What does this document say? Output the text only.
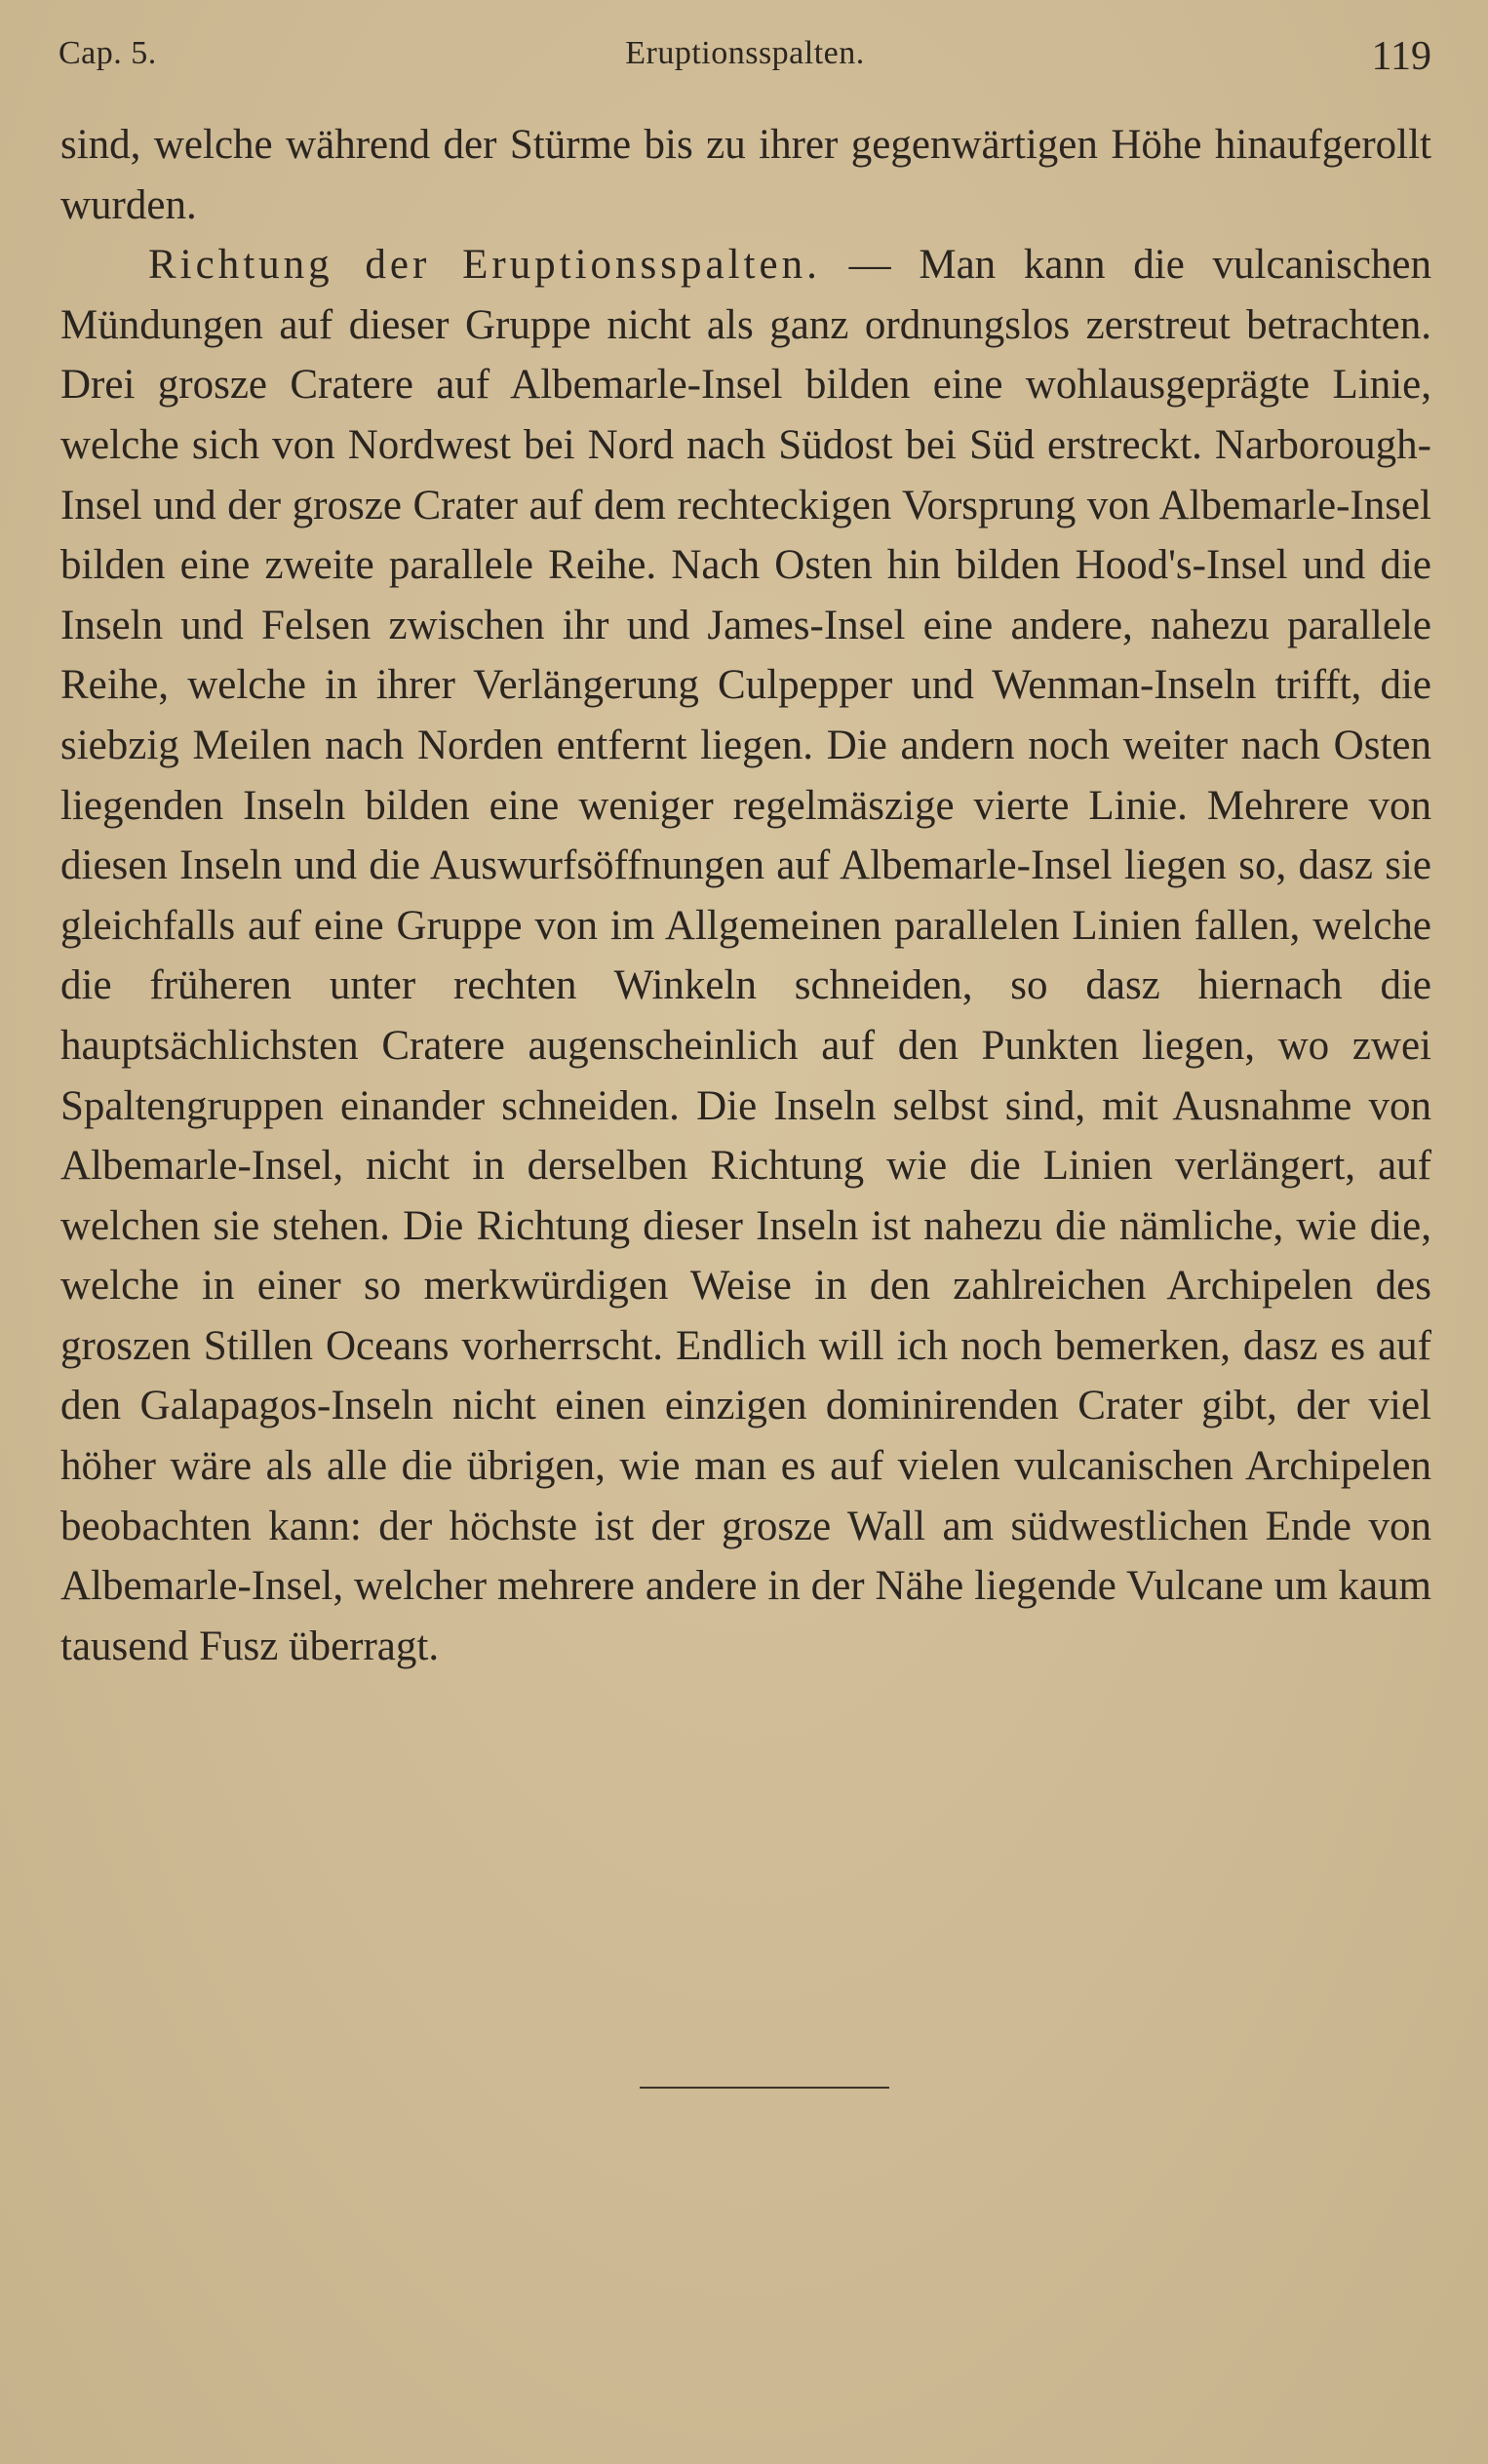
Cap. 5.	Eruptionsspalten.	119

sind, welche während der Stürme bis zu ihrer gegenwärtigen Höhe hinaufgerollt wurden.

Richtung der Eruptionsspalten. — Man kann die vulcanischen Mündungen auf dieser Gruppe nicht als ganz ordnungslos zerstreut betrachten. Drei grosze Cratere auf Albemarle-Insel bilden eine wohlausgeprägte Linie, welche sich von Nordwest bei Nord nach Südost bei Süd erstreckt. Narborough-Insel und der grosze Crater auf dem rechteckigen Vorsprung von Albemarle-Insel bilden eine zweite parallele Reihe. Nach Osten hin bilden Hood's-Insel und die Inseln und Felsen zwischen ihr und James-Insel eine andere, nahezu parallele Reihe, welche in ihrer Verlängerung Culpepper und Wenman-Inseln trifft, die siebzig Meilen nach Norden entfernt liegen. Die andern noch weiter nach Osten liegenden Inseln bilden eine weniger regelmäszige vierte Linie. Mehrere von diesen Inseln und die Auswurfsöffnungen auf Albemarle-Insel liegen so, dasz sie gleichfalls auf eine Gruppe von im Allgemeinen parallelen Linien fallen, welche die früheren unter rechten Winkeln schneiden, so dasz hiernach die hauptsächlichsten Cratere augenscheinlich auf den Punkten liegen, wo zwei Spaltengruppen einander schneiden. Die Inseln selbst sind, mit Ausnahme von Albemarle-Insel, nicht in derselben Richtung wie die Linien verlängert, auf welchen sie stehen. Die Richtung dieser Inseln ist nahezu die nämliche, wie die, welche in einer so merkwürdigen Weise in den zahlreichen Archipelen des groszen Stillen Oceans vorherrscht. Endlich will ich noch bemerken, dasz es auf den Galapagos-Inseln nicht einen einzigen dominirenden Crater gibt, der viel höher wäre als alle die übrigen, wie man es auf vielen vulcanischen Archipelen beobachten kann: der höchste ist der grosze Wall am südwestlichen Ende von Albemarle-Insel, welcher mehrere andere in der Nähe liegende Vulcane um kaum tausend Fusz überragt.
